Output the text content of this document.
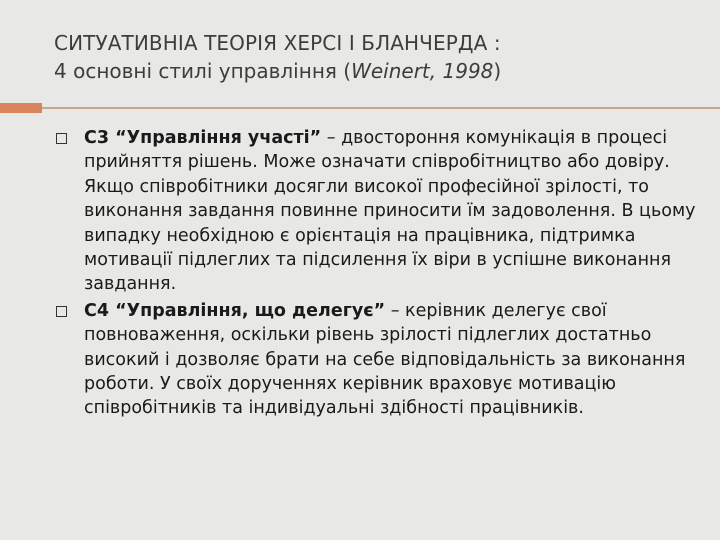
СИТУАТИВНІА ТЕОРІЯ ХЕРСІ І БЛАНЧЕРДА :
4 основні стилі управління (Weinert, 1998)
С3 “Управління участі” – двостороння комунікація в процесі прийняття рішень. Може означати співробітництво або довіру. Якщо співробітники досягли високої професійної зрілості, то виконання завдання повинне приносити їм задоволення. В цьому випадку необхідною є орієнтація на працівника, підтримка мотивації підлеглих та підсилення їх віри в успішне виконання завдання.
С4 “Управління, що делегує” – керівник делегує свої повноваження, оскільки рівень зрілості підлеглих достатньо високий і дозволяє брати на себе відповідальність за виконання роботи. У своїх дорученнях керівник враховує мотивацію співробітників та індивідуальні здібності працівників.
